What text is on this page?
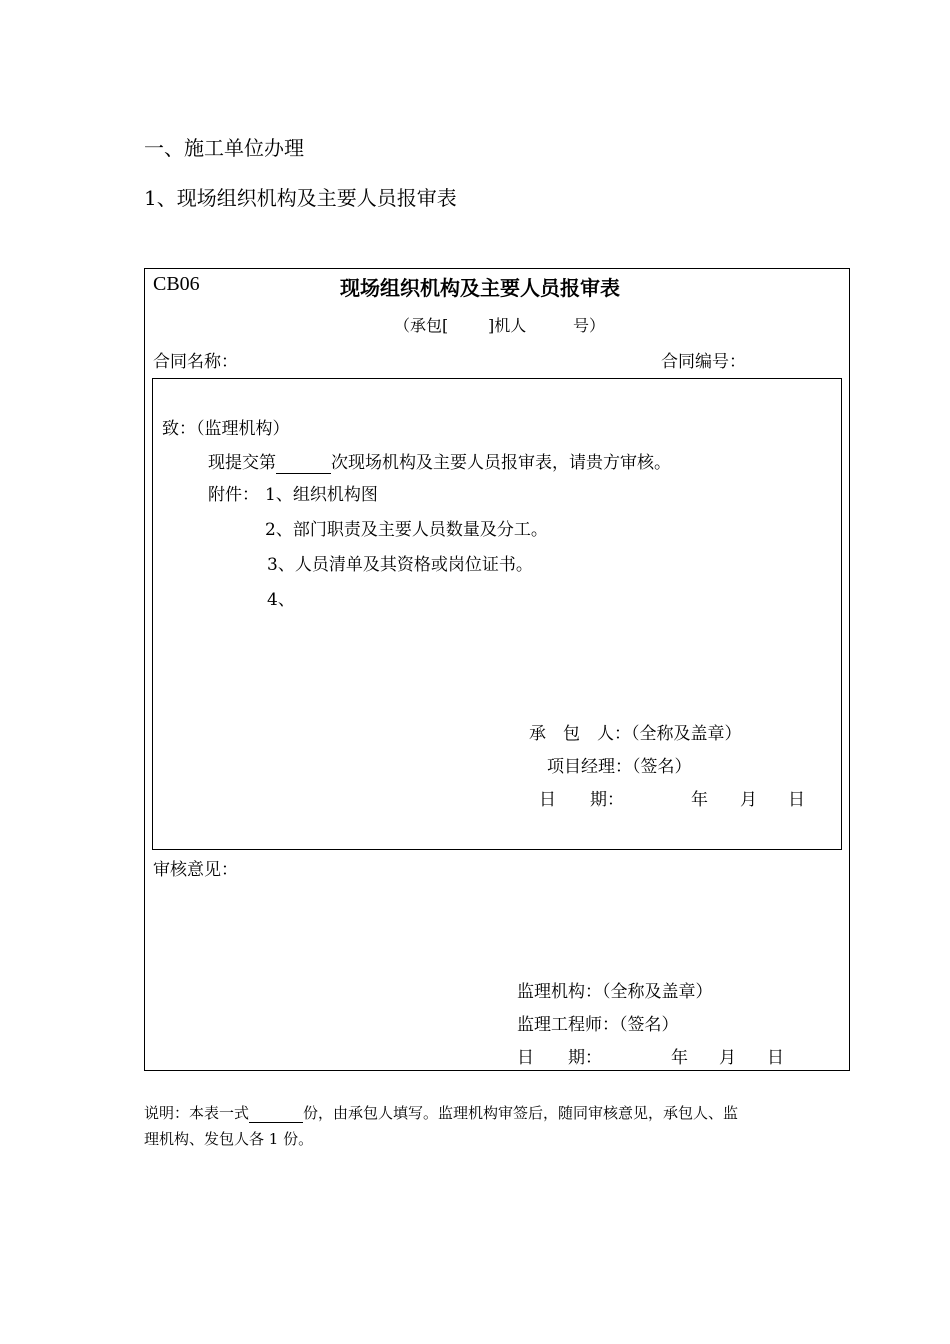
一、施工单位办理
1、现场组织机构及主要人员报审表
CB06	现场组织机构及主要人员报审表
（承包[ ]机人	号）
合同名称：	合同编号：
致：（监理机构）
现提交第	次现场机构及主要人员报审表，请贵方审核。
附件： 1、组织机构图
2、部门职责及主要人员数量及分工。
3、人员清单及其资格或岗位证书。
4、
承　包　人：（全称及盖章）
项目经理：（签名）
日　　期：	年 月 日
审核意见：
监理机构：（全称及盖章）
监理工程师：（签名）
日　　期：	年 月 日
说明：本表一式	份，由承包人填写。监理机构审签后，随同审核意见，承包人、监
理机构、发包人各 1 份。
